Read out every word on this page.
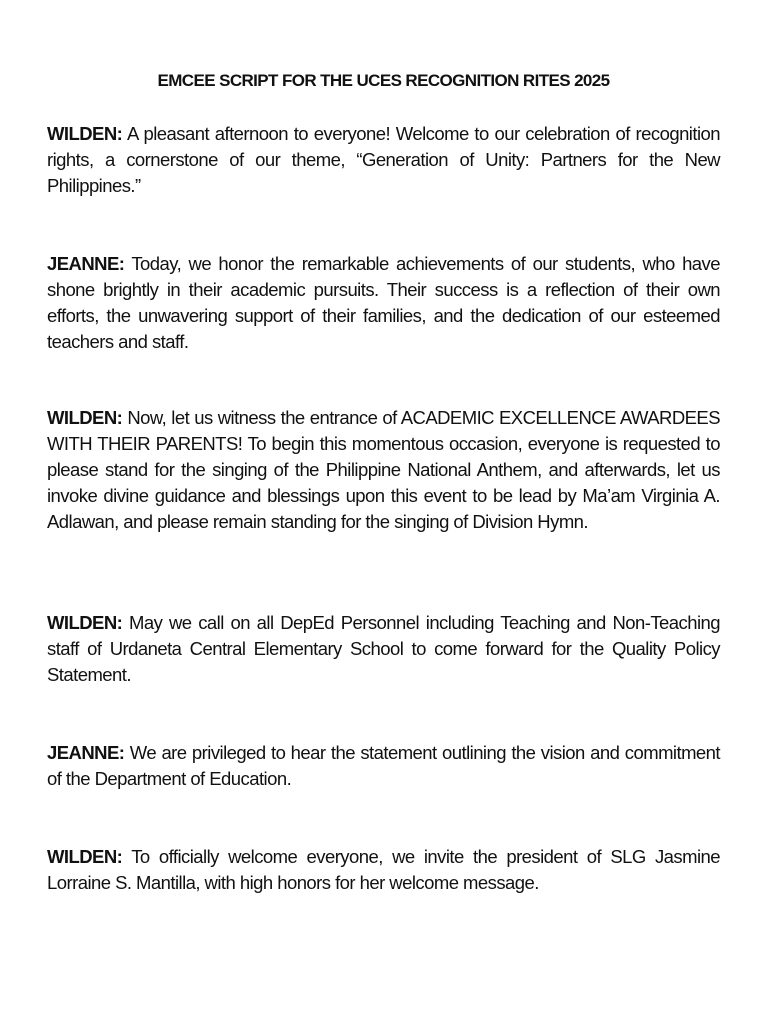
EMCEE SCRIPT FOR THE UCES RECOGNITION RITES 2025

WILDEN: A pleasant afternoon to everyone! Welcome to our celebration of recognition rights, a cornerstone of our theme, “Generation of Unity: Partners for the New Philippines.”

JEANNE: Today, we honor the remarkable achievements of our students, who have shone brightly in their academic pursuits. Their success is a reflection of their own efforts, the unwavering support of their families, and the dedication of our esteemed teachers and staff.

WILDEN: Now, let us witness the entrance of ACADEMIC EXCELLENCE AWARDEES WITH THEIR PARENTS! To begin this momentous occasion, everyone is requested to please stand for the singing of the Philippine National Anthem, and afterwards, let us invoke divine guidance and blessings upon this event to be lead by Ma’am Virginia A. Adlawan, and please remain standing for the singing of Division Hymn.

WILDEN: May we call on all DepEd Personnel including Teaching and Non-Teaching staff of Urdaneta Central Elementary School to come forward for the Quality Policy Statement.

JEANNE: We are privileged to hear the statement outlining the vision and commitment of the Department of Education.

WILDEN: To officially welcome everyone, we invite the president of SLG Jasmine Lorraine S. Mantilla, with high honors for her welcome message.
